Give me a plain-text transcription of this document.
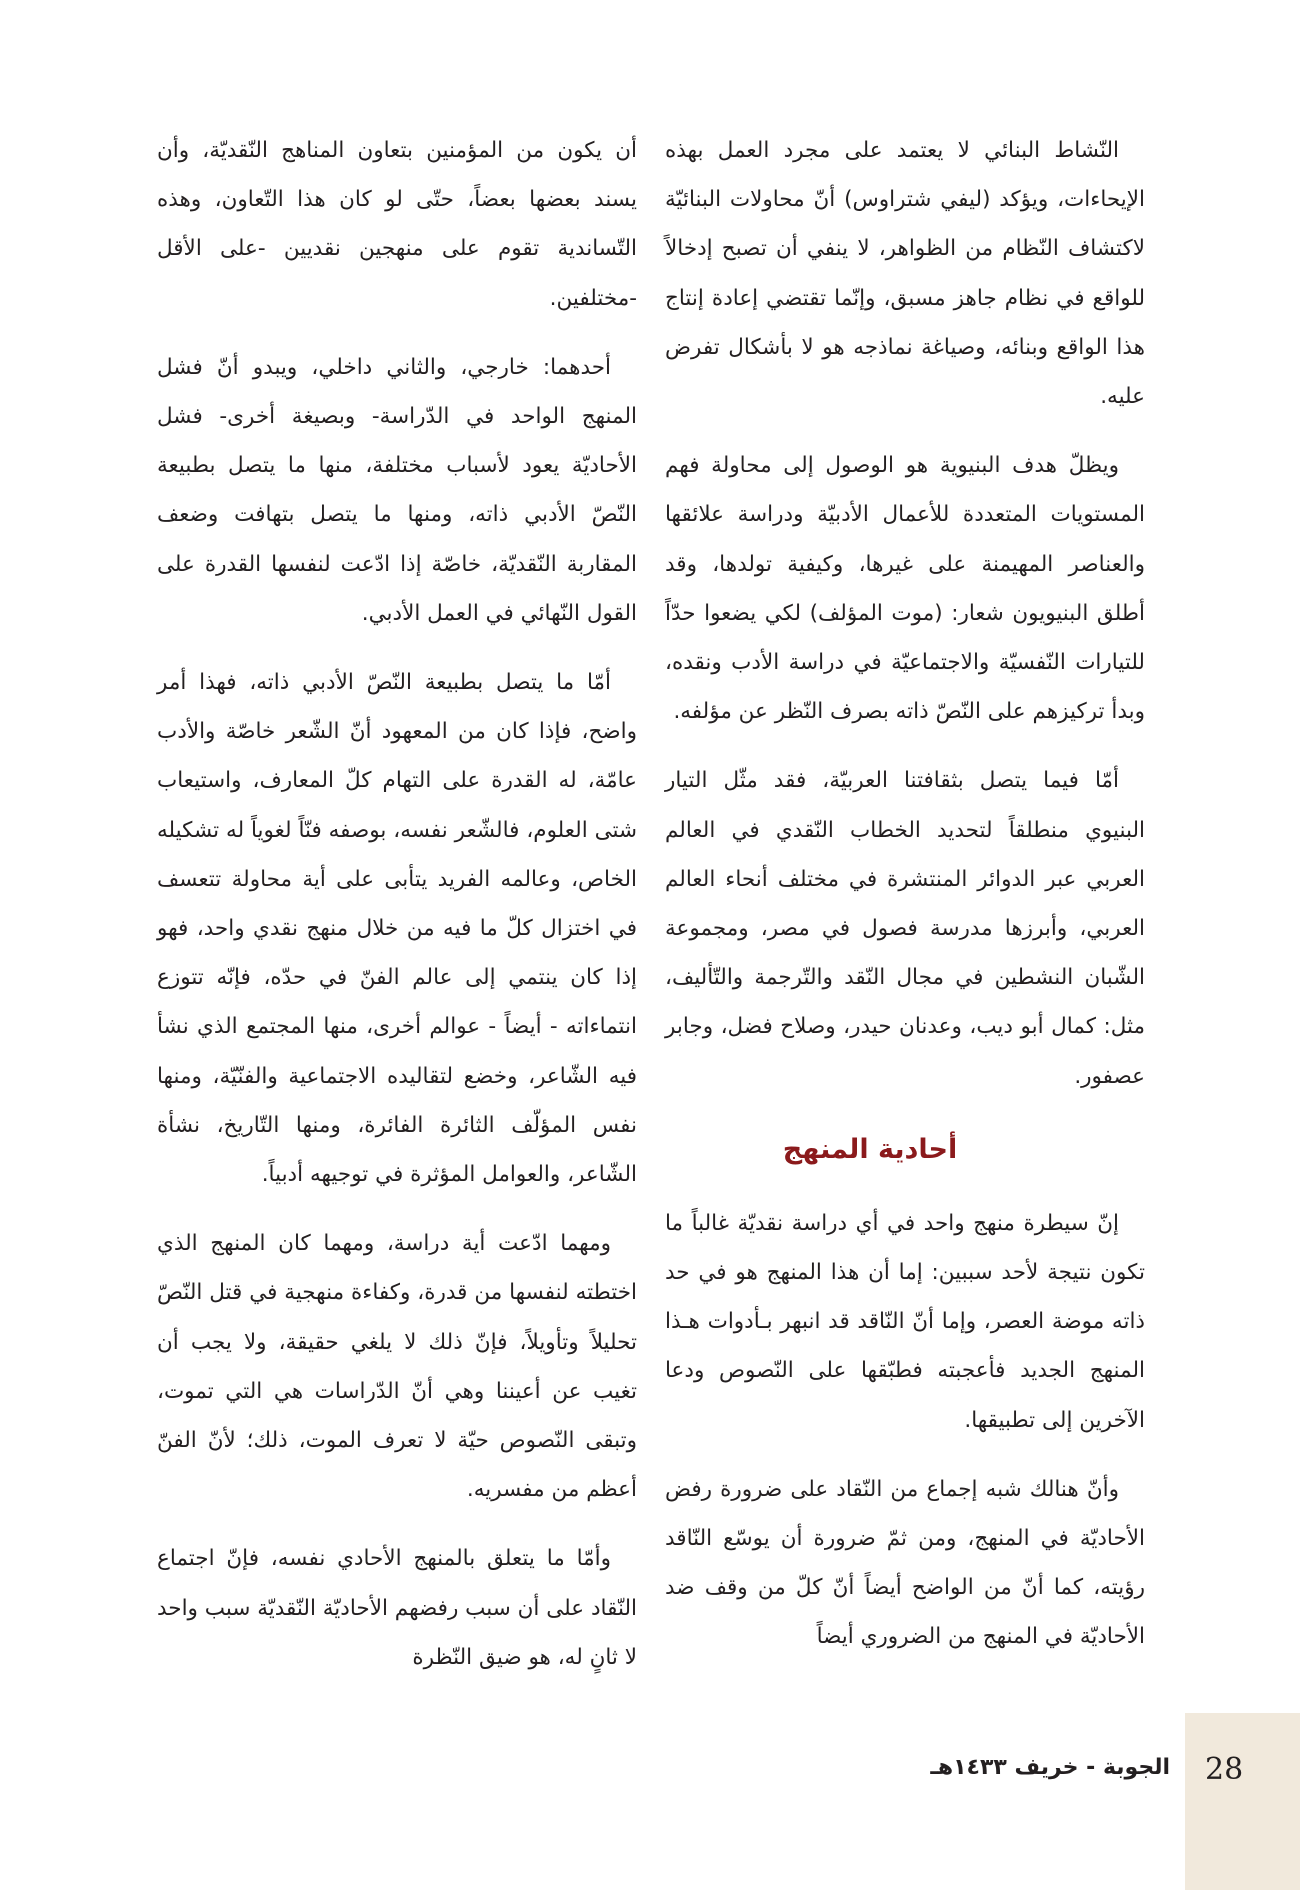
النّشاط البنائي لا يعتمد على مجرد العمل بهذه الإيحاءات، ويؤكد (ليفي شتراوس) أنّ محاولات البنائيّة لاكتشاف النّظام من الظواهر، لا ينفي أن تصبح إدخالاً للواقع في نظام جاهز مسبق، وإنّما تقتضي إعادة إنتاج هذا الواقع وبنائه، وصياغة نماذجه هو لا بأشكال تفرض عليه.

ويظلّ هدف البنيوية هو الوصول إلى محاولة فهم المستويات المتعددة للأعمال الأدبيّة ودراسة علائقها والعناصر المهيمنة على غيرها، وكيفية تولدها، وقد أطلق البنيويون شعار: (موت المؤلف) لكي يضعوا حدّاً للتيارات النّفسيّة والاجتماعيّة في دراسة الأدب ونقده، وبدأ تركيزهم على النّصّ ذاته بصرف النّظر عن مؤلفه.

أمّا فيما يتصل بثقافتنا العربيّة، فقد مثّل التيار البنيوي منطلقاً لتحديد الخطاب النّقدي في العالم العربي عبر الدوائر المنتشرة في مختلف أنحاء العالم العربي، وأبرزها مدرسة فصول في مصر، ومجموعة الشّبان النشطين في مجال النّقد والتّرجمة والتّأليف، مثل: كمال أبو ديب، وعدنان حيدر، وصلاح فضل، وجابر عصفور.

أحادية المنهج

إنّ سيطرة منهج واحد في أي دراسة نقديّة غالباً ما تكون نتيجة لأحد سببين: إما أن هذا المنهج هو في حد ذاته موضة العصر، وإما أنّ النّاقد قد انبهر بـأدوات هـذا المنهج الجديد فأعجبته فطبّقها على النّصوص ودعا الآخرين إلى تطبيقها.

وأنّ هنالك شبه إجماع من النّقاد على ضرورة رفض الأحاديّة في المنهج، ومن ثمّ ضرورة أن يوسّع النّاقد رؤيته، كما أنّ من الواضح أيضاً أنّ كلّ من وقف ضد الأحاديّة في المنهج من الضروري أيضاً

أن يكون من المؤمنين بتعاون المناهج النّقديّة، وأن يسند بعضها بعضاً، حتّى لو كان هذا التّعاون، وهذه التّساندية تقوم على منهجين نقديين -على الأقل -مختلفين.

أحدهما: خارجي، والثاني داخلي، ويبدو أنّ فشل المنهج الواحد في الدّراسة- وبصيغة أخرى- فشل الأحاديّة يعود لأسباب مختلفة، منها ما يتصل بطبيعة النّصّ الأدبي ذاته، ومنها ما يتصل بتهافت وضعف المقاربة النّقديّة، خاصّة إذا ادّعت لنفسها القدرة على القول النّهائي في العمل الأدبي.

أمّا ما يتصل بطبيعة النّصّ الأدبي ذاته، فهذا أمر واضح، فإذا كان من المعهود أنّ الشّعر خاصّة والأدب عامّة، له القدرة على التهام كلّ المعارف، واستيعاب شتى العلوم، فالشّعر نفسه، بوصفه فنّاً لغوياً له تشكيله الخاص، وعالمه الفريد يتأبى على أية محاولة تتعسف في اختزال كلّ ما فيه من خلال منهج نقدي واحد، فهو إذا كان ينتمي إلى عالم الفنّ في حدّه، فإنّه تتوزع انتماءاته - أيضاً - عوالم أخرى، منها المجتمع الذي نشأ فيه الشّاعر، وخضع لتقاليده الاجتماعية والفنّيّة، ومنها نفس المؤلّف الثائرة الفائرة، ومنها التّاريخ، نشأة الشّاعر، والعوامل المؤثرة في توجيهه أدبياً.

ومهما ادّعت أية دراسة، ومهما كان المنهج الذي اختطته لنفسها من قدرة، وكفاءة منهجية في قتل النّصّ تحليلاً وتأويلاً، فإنّ ذلك لا يلغي حقيقة، ولا يجب أن تغيب عن أعيننا وهي أنّ الدّراسات هي التي تموت، وتبقى النّصوص حيّة لا تعرف الموت، ذلك؛ لأنّ الفنّ أعظم من مفسريه.

وأمّا ما يتعلق بالمنهج الأحادي نفسه، فإنّ اجتماع النّقاد على أن سبب رفضهم الأحاديّة النّقديّة سبب واحد لا ثانٍ له، هو ضيق النّظرة

28
الجوبة - خريف ١٤٣٣هـ
